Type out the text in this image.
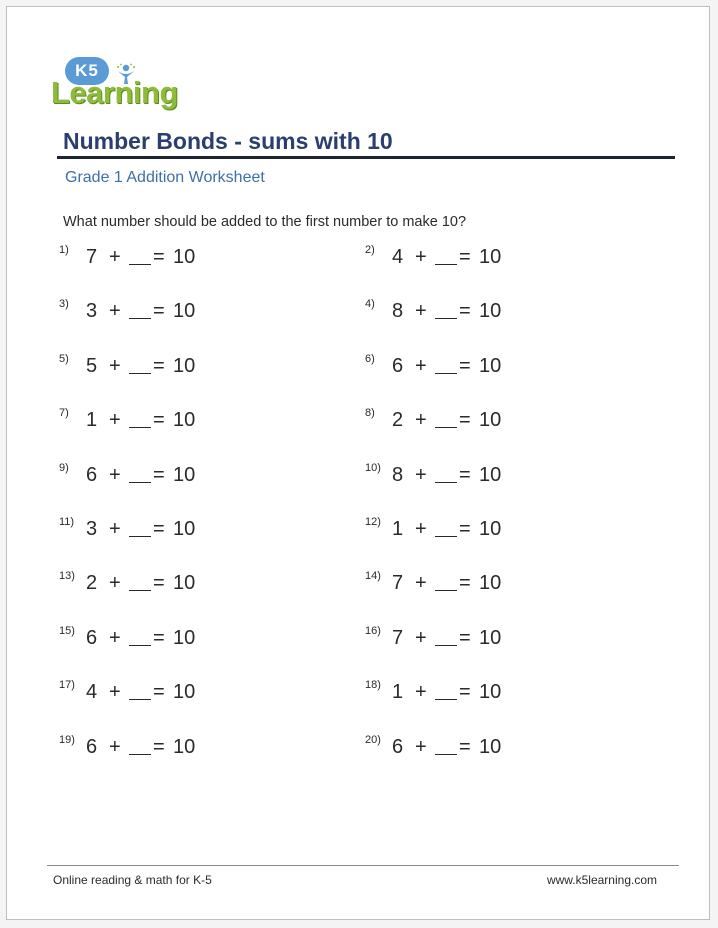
K5
Learning
Number Bonds - sums with 10
Grade 1 Addition Worksheet
What number should be added to the first number to make 10?
1) 7 + = 10	2) 4 + = 10
3) 3 + = 10	4) 8 + = 10
5) 5 + = 10	6) 6 + = 10
7) 1 + = 10	8) 2 + = 10
9) 6 + = 10	10) 8 + = 10
11) 3 + = 10	12) 1 + = 10
13) 2 + = 10	14) 7 + = 10
15) 6 + = 10	16) 7 + = 10
17) 4 + = 10	18) 1 + = 10
19) 6 + = 10	20) 6 + = 10
Online reading & math for K-5	www.k5learning.com
